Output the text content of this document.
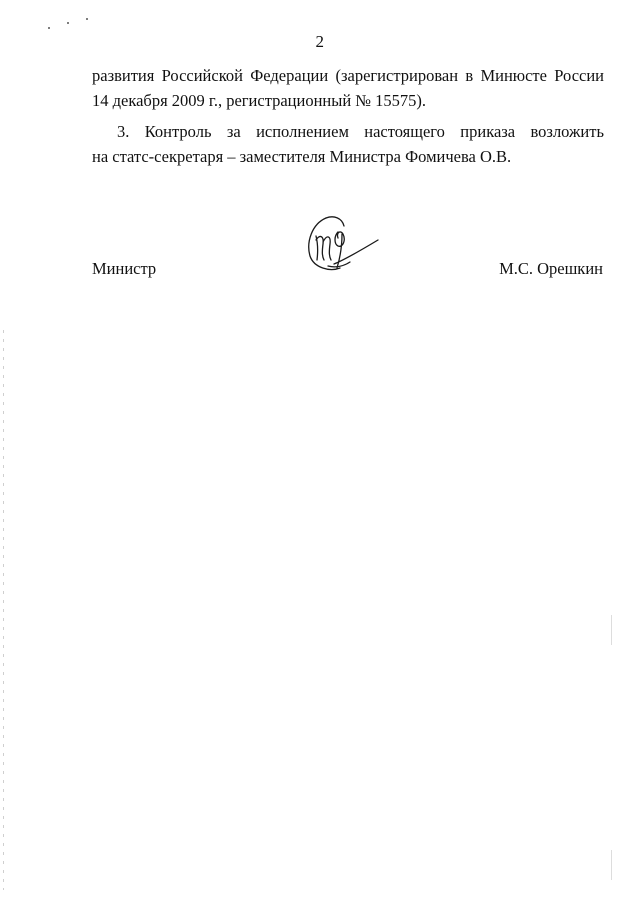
2

развития Российской Федерации (зарегистрирован в Минюсте России
14 декабря 2009 г., регистрационный № 15575).

3. Контроль за исполнением настоящего приказа возложить
на статс-секретаря – заместителя Министра Фомичева О.В.

Министр	М.С. Орешкин
